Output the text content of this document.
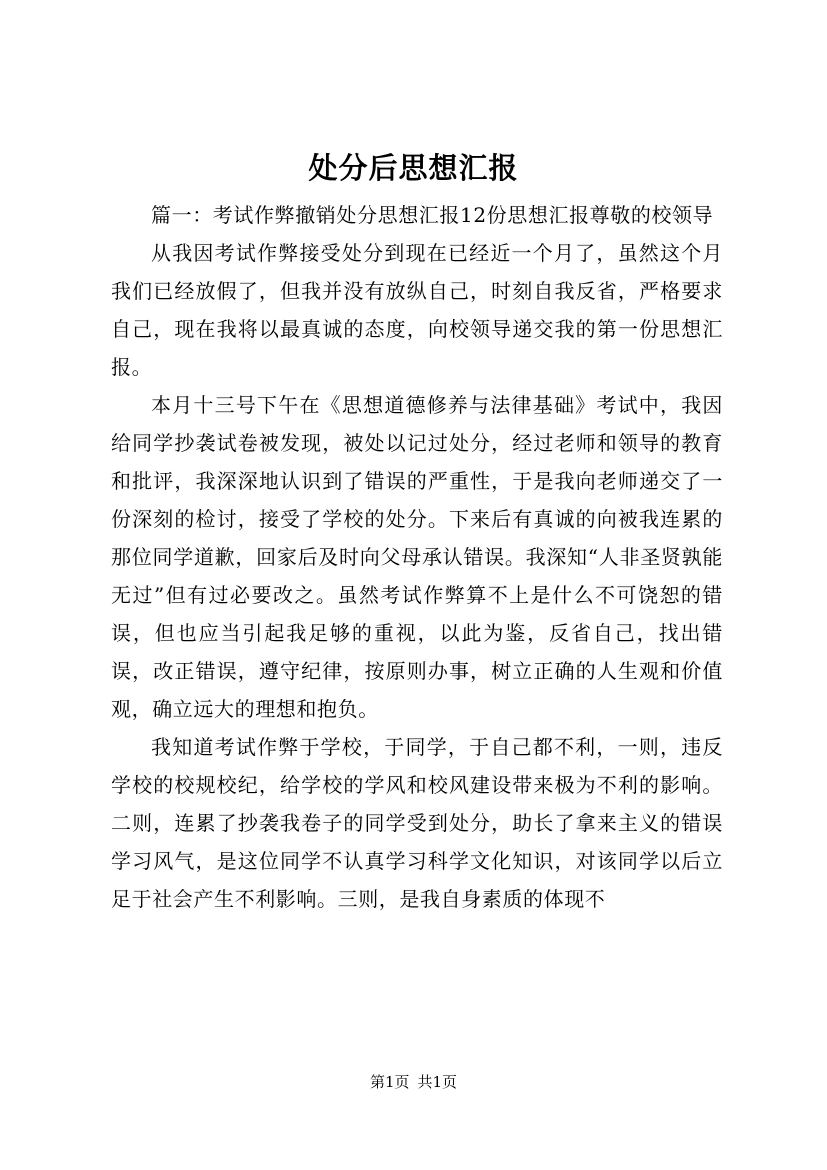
处分后思想汇报

篇一：考试作弊撤销处分思想汇报12份思想汇报尊敬的校领导

从我因考试作弊接受处分到现在已经近一个月了，虽然这个月我们已经放假了，但我并没有放纵自己，时刻自我反省，严格要求自己，现在我将以最真诚的态度，向校领导递交我的第一份思想汇报。

本月十三号下午在《思想道德修养与法律基础》考试中，我因给同学抄袭试卷被发现，被处以记过处分，经过老师和领导的教育和批评，我深深地认识到了错误的严重性，于是我向老师递交了一份深刻的检讨，接受了学校的处分。下来后有真诚的向被我连累的那位同学道歉，回家后及时向父母承认错误。我深知“人非圣贤孰能无过”但有过必要改之。虽然考试作弊算不上是什么不可饶恕的错误，但也应当引起我足够的重视，以此为鉴，反省自己，找出错误，改正错误，遵守纪律，按原则办事，树立正确的人生观和价值观，确立远大的理想和抱负。

我知道考试作弊于学校，于同学，于自己都不利，一则，违反学校的校规校纪，给学校的学风和校风建设带来极为不利的影响。二则，连累了抄袭我卷子的同学受到处分，助长了拿来主义的错误学习风气，是这位同学不认真学习科学文化知识，对该同学以后立足于社会产生不利影响。三则，是我自身素质的体现不

第1页 共1页
